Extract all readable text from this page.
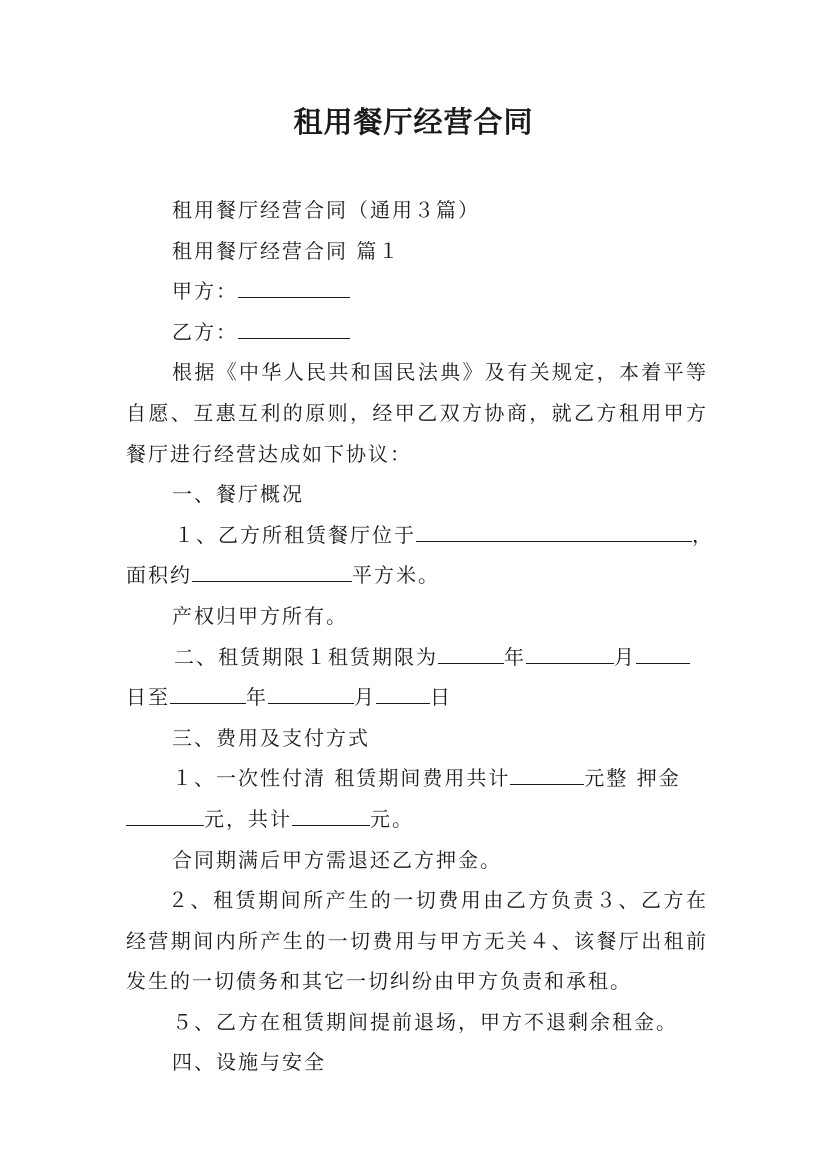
租用餐厅经营合同

租用餐厅经营合同（通用３篇）

租用餐厅经营合同 篇１

甲方：

乙方：

根据《中华人民共和国民法典》及有关规定，本着平等自愿、互惠互利的原则，经甲乙双方协商，就乙方租用甲方餐厅进行经营达成如下协议：

一、餐厅概况

１、乙方所租赁餐厅位于	，

面积约	平方米。

产权归甲方所有。

二、租赁期限１租赁期限为	年	月

日至	年	月	日

三、费用及支付方式

１、一次性付清 租赁期间费用共计	元整 押金

元，共计	元。

合同期满后甲方需退还乙方押金。

２、租赁期间所产生的一切费用由乙方负责３、乙方在经营期间内所产生的一切费用与甲方无关４、该餐厅出租前发生的一切债务和其它一切纠纷由甲方负责和承租。

５、乙方在租赁期间提前退场，甲方不退剩余租金。

四、设施与安全
